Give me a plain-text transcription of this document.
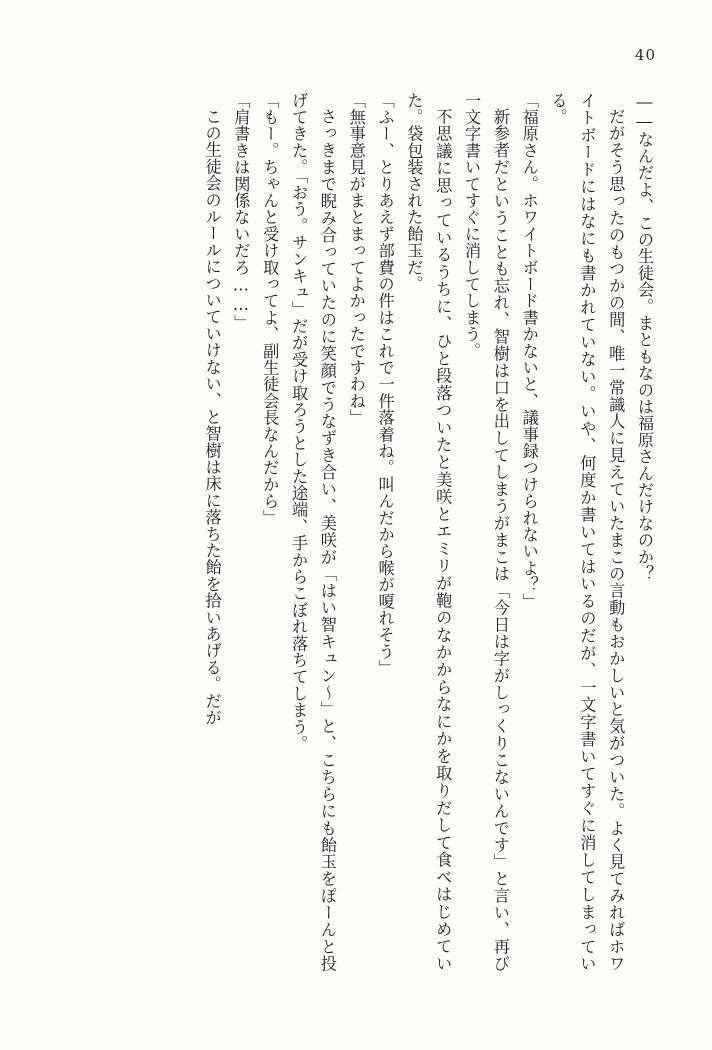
40

――なんだよ、この生徒会。まともなのは福原さんだけなのか？

だがそう思ったのもつかの間、唯一常識人に見えていたまこの言動もおかしいと気がついた。よく見てみればホワイトボードにはなにも書かれていない。いや、何度か書いてはいるのだが、一文字書いてすぐに消してしまっている。

「福原さん。ホワイトボード書かないと、議事録つけられないよ？」

新参者だということも忘れ、智樹は口を出してしまうがまこは「今日は字がしっくりこないんです」と言い、再び一文字書いてすぐに消してしまう。

不思議に思っているうちに、ひと段落ついたと美咲とエミリが鞄のなかからなにかを取りだして食べはじめていた。袋包装された飴玉だ。

「ふー、とりあえず部費の件はこれで一件落着ね。叫んだから喉が嗄れそう」

「無事意見がまとまってよかったですわね」

さっきまで睨み合っていたのに笑顔でうなずき合い、美咲が「はい智キュン～」と、こちらにも飴玉をぽーんと投げてきた。「おう。サンキュ」だが受け取ろうとした途端、手からこぼれ落ちてしまう。

「もー。ちゃんと受け取ってよ、副生徒会長なんだから」

「肩書きは関係ないだろ……」

この生徒会のルールについていけない、と智樹は床に落ちた飴を拾いあげる。だが
